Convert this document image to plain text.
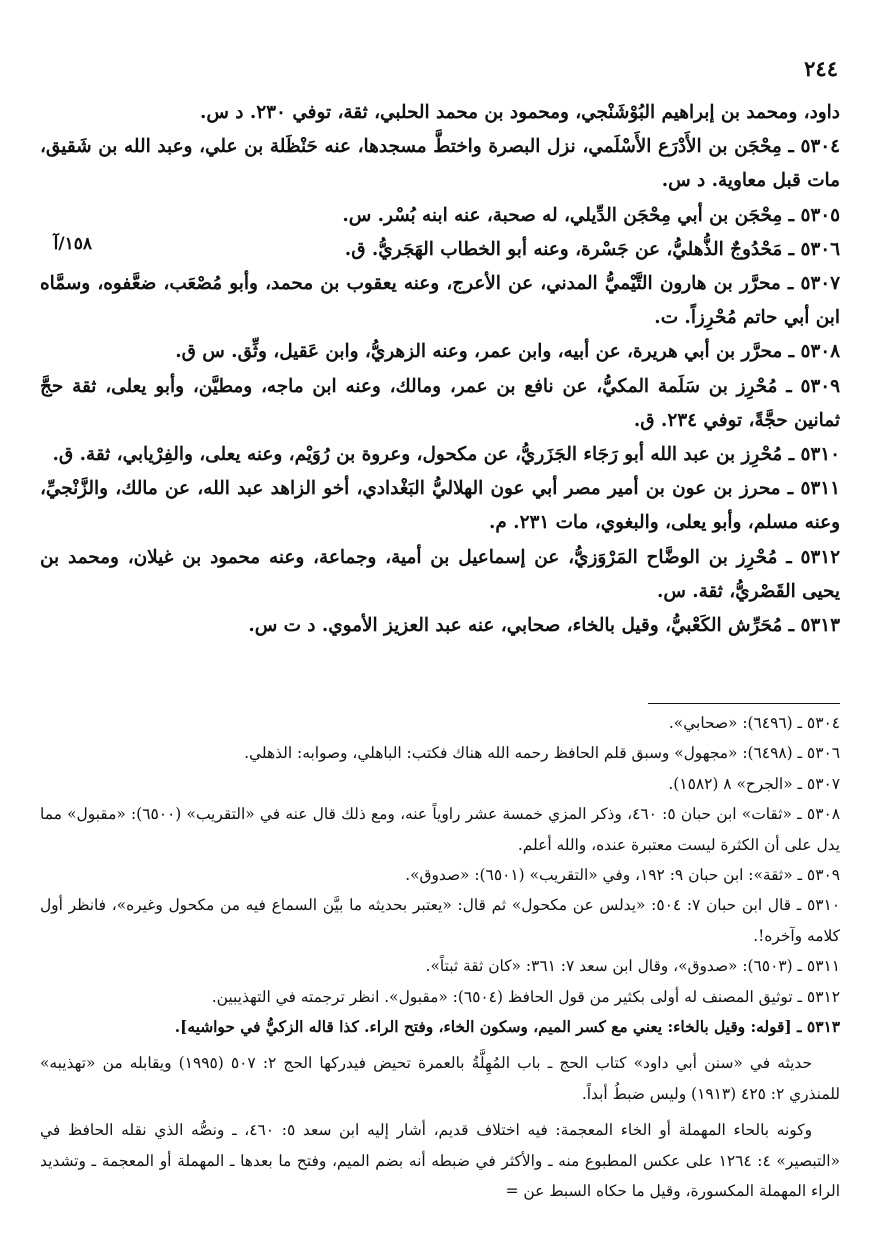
٢٤٤
١٥٨/آ

داود، ومحمد بن إبراهيم البُوْشَنْجي، ومحمود بن محمد الحلبي، ثقة، توفي ٢٣٠. د س.

٥٣٠٤ ـ مِحْجَن بن الأَدْرَع الأَسْلَمي، نزل البصرة واختطَّ مسجدها، عنه حَنْظَلة بن علي، وعبد الله بن شَقيق، مات قبل معاوية. د س.

٥٣٠٥ ـ مِحْجَن بن أبي مِحْجَن الدِّيلي، له صحبة، عنه ابنه بُسْر. س.

٥٣٠٦ ـ مَحْدُوجٌ الذُّهليُّ، عن جَسْرة، وعنه أبو الخطاب الهَجَريُّ. ق.

٥٣٠٧ ـ محرَّر بن هارون التَّيْميُّ المدني، عن الأعرج، وعنه يعقوب بن محمد، وأبو مُصْعَب، ضعَّفوه، وسمَّاه ابن أبي حاتم مُحْرِزاً. ت.

٥٣٠٨ ـ محرَّر بن أبي هريرة، عن أبيه، وابن عمر، وعنه الزهريُّ، وابن عَقيل، وثِّق. س ق.

٥٣٠٩ ـ مُحْرِز بن سَلَمة المكيُّ، عن نافع بن عمر، ومالك، وعنه ابن ماجه، ومطيَّن، وأبو يعلى، ثقة حجَّ ثمانين حجَّةً، توفي ٢٣٤. ق.

٥٣١٠ ـ مُحْرِز بن عبد الله أبو رَجَاء الجَزَريُّ، عن مكحول، وعروة بن رُوَيْم، وعنه يعلى، والفِرْيابي، ثقة. ق.

٥٣١١ ـ محرز بن عون بن أمير مصر أبي عون الهلاليُّ البَغْدادي، أخو الزاهد عبد الله، عن مالك، والزَّنْجيِّ، وعنه مسلم، وأبو يعلى، والبغوي، مات ٢٣١. م.

٥٣١٢ ـ مُحْرِز بن الوضَّاح المَرْوَزيُّ، عن إسماعيل بن أمية، وجماعة، وعنه محمود بن غيلان، ومحمد بن يحيى القَصْريُّ، ثقة. س.

٥٣١٣ ـ مُحَرِّش الكَعْبيُّ، وقيل بالخاء، صحابي، عنه عبد العزيز الأموي. د ت س.

٥٣٠٤ ـ (٦٤٩٦): «صحابي».

٥٣٠٦ ـ (٦٤٩٨): «مجهول» وسبق قلم الحافظ رحمه الله هناك فكتب: الباهلي، وصوابه: الذهلي.

٥٣٠٧ ـ «الجرح» ٨ (١٥٨٢).

٥٣٠٨ ـ «ثقات» ابن حبان ٥: ٤٦٠، وذكر المزي خمسة عشر راوياً عنه، ومع ذلك قال عنه في «التقريب» (٦٥٠٠): «مقبول» مما يدل على أن الكثرة ليست معتبرة عنده، والله أعلم.

٥٣٠٩ ـ «ثقة»: ابن حبان ٩: ١٩٢، وفي «التقريب» (٦٥٠١): «صدوق».

٥٣١٠ ـ قال ابن حبان ٧: ٥٠٤: «يدلس عن مكحول» ثم قال: «يعتبر بحديثه ما بيَّن السماع فيه من مكحول وغيره»، فانظر أول كلامه وآخره!.

٥٣١١ ـ (٦٥٠٣): «صدوق»، وقال ابن سعد ٧: ٣٦١: «كان ثقة ثبتاً».

٥٣١٢ ـ توثيق المصنف له أولى بكثير من قول الحافظ (٦٥٠٤): «مقبول». انظر ترجمته في التهذيبين.

٥٣١٣ ـ [قوله: وقيل بالخاء: يعني مع كسر الميم، وسكون الخاء، وفتح الراء. كذا قاله الزكيُّ في حواشيه].

حديثه في «سنن أبي داود» كتاب الحج ـ باب المُهِلَّةُ بالعمرة تحيض فيدركها الحج ٢: ٥٠٧ (١٩٩٥) ويقابله من «تهذيبه» للمنذري ٢: ٤٢٥ (١٩١٣) وليس ضبطُ أبداً.

وكونه بالحاء المهملة أو الخاء المعجمة: فيه اختلاف قديم، أشار إليه ابن سعد ٥: ٤٦٠، ـ ونصُّه الذي نقله الحافظ في «التبصير» ٤: ١٢٦٤ على عكس المطبوع منه ـ والأكثر في ضبطه أنه بضم الميم، وفتح ما بعدها ـ المهملة أو المعجمة ـ وتشديد الراء المهملة المكسورة، وقيل ما حكاه السبط عن =
